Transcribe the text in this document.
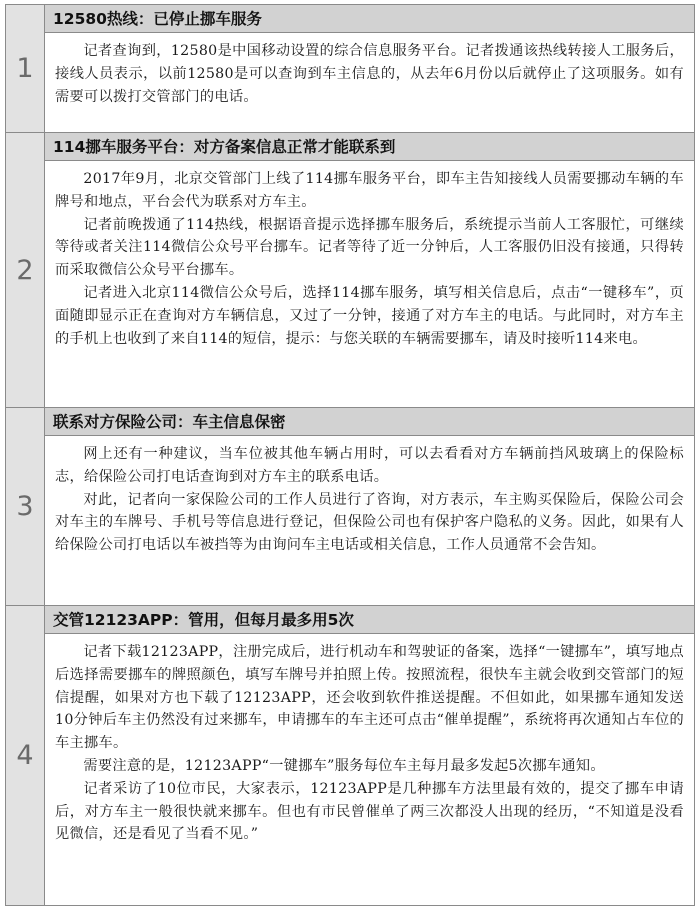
1
12580热线：已停止挪车服务

记者查询到，12580是中国移动设置的综合信息服务平台。记者拨通该热线转接人工服务后，接线人员表示，以前12580是可以查询到车主信息的，从去年6月份以后就停止了这项服务。如有需要可以拨打交管部门的电话。

2
114挪车服务平台：对方备案信息正常才能联系到

2017年9月，北京交管部门上线了114挪车服务平台，即车主告知接线人员需要挪动车辆的车牌号和地点，平台会代为联系对方车主。

记者前晚拨通了114热线，根据语音提示选择挪车服务后，系统提示当前人工客服忙，可继续等待或者关注114微信公众号平台挪车。记者等待了近一分钟后，人工客服仍旧没有接通，只得转而采取微信公众号平台挪车。

记者进入北京114微信公众号后，选择114挪车服务，填写相关信息后，点击“一键移车”，页面随即显示正在查询对方车辆信息，又过了一分钟，接通了对方车主的电话。与此同时，对方车主的手机上也收到了来自114的短信，提示：与您关联的车辆需要挪车，请及时接听114来电。

3
联系对方保险公司：车主信息保密

网上还有一种建议，当车位被其他车辆占用时，可以去看看对方车辆前挡风玻璃上的保险标志，给保险公司打电话查询到对方车主的联系电话。

对此，记者向一家保险公司的工作人员进行了咨询，对方表示，车主购买保险后，保险公司会对车主的车牌号、手机号等信息进行登记，但保险公司也有保护客户隐私的义务。因此，如果有人给保险公司打电话以车被挡等为由询问车主电话或相关信息，工作人员通常不会告知。

4
交管12123APP：管用，但每月最多用5次

记者下载12123APP，注册完成后，进行机动车和驾驶证的备案，选择“一键挪车”，填写地点后选择需要挪车的牌照颜色，填写车牌号并拍照上传。按照流程，很快车主就会收到交管部门的短信提醒，如果对方也下载了12123APP，还会收到软件推送提醒。不但如此，如果挪车通知发送10分钟后车主仍然没有过来挪车，申请挪车的车主还可点击“催单提醒”，系统将再次通知占车位的车主挪车。

需要注意的是，12123APP“一键挪车”服务每位车主每月最多发起5次挪车通知。

记者采访了10位市民，大家表示，12123APP是几种挪车方法里最有效的，提交了挪车申请后，对方车主一般很快就来挪车。但也有市民曾催单了两三次都没人出现的经历，“不知道是没看见微信，还是看见了当看不见。”
